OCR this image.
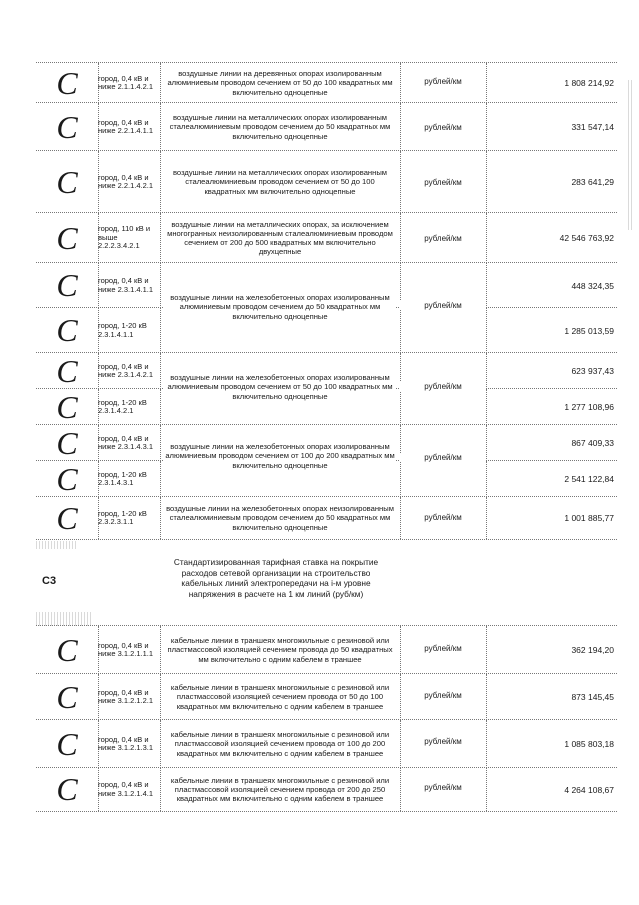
C	город, 0,4 кВ и ниже 2.1.1.4.2.1
воздушные линии на деревянных опорах изолированным алюминиевым проводом сечением от 50 до 100 квадратных мм включительно одноцепные
рублей/км	1 808 214,92
C	город, 0,4 кВ и ниже 2.2.1.4.1.1
воздушные линии на металлических опорах изолированным сталеалюминиевым проводом сечением до 50 квадратных мм включительно одноцепные
рублей/км	331 547,14
C	город, 0,4 кВ и ниже 2.2.1.4.2.1
воздушные линии на металлических опорах изолированным сталеалюминиевым проводом сечением от 50 до 100 квадратных мм включительно одноцепные
рублей/км	283 641,29
C	город, 110 кВ и выше 2.2.2.3.4.2.1
воздушные линии на металлических опорах, за исключением многогранных неизолированным сталеалюминиевым проводом сечением от 200 до 500 квадратных мм включительно двухцепные
рублей/км	42 546 763,92
C	город, 0,4 кВ и ниже 2.3.1.4.1.1	448 324,35
C	город, 1-20 кВ 2.3.1.4.1.1	1 285 013,59
воздушные линии на железобетонных опорах изолированным алюминиевым проводом сечением до 50 квадратных мм включительно одноцепные
рублей/км
C	город, 0,4 кВ и ниже 2.3.1.4.2.1	623 937,43
C	город, 1-20 кВ 2.3.1.4.2.1	1 277 108,96
воздушные линии на железобетонных опорах изолированным алюминиевым проводом сечением от 50 до 100 квадратных мм включительно одноцепные
рублей/км
C	город, 0,4 кВ и ниже 2.3.1.4.3.1	867 409,33
C	город, 1-20 кВ 2.3.1.4.3.1	2 541 122,84
воздушные линии на железобетонных опорах изолированным алюминиевым проводом сечением от 100 до 200 квадратных мм включительно одноцепные
рублей/км
C	город, 1-20 кВ 2.3.2.3.1.1
воздушные линии на железобетонных опорах неизолированным сталеалюминиевым проводом сечением до 50 квадратных мм включительно одноцепные
рублей/км	1 001 885,77
С3
Стандартизированная тарифная ставка на покрытие расходов сетевой организации на строительство кабельных линий электропередачи на i-м уровне напряжения в расчете на 1 км линий (руб/км)
C	город, 0,4 кВ и ниже 3.1.2.1.1.1
кабельные линии в траншеях многожильные с резиновой или пластмассовой изоляцией сечением провода до 50 квадратных мм включительно с одним кабелем в траншее
рублей/км	362 194,20
C	город, 0,4 кВ и ниже 3.1.2.1.2.1
кабельные линии в траншеях многожильные с резиновой или пластмассовой изоляцией сечением провода от 50 до 100 квадратных мм включительно с одним кабелем в траншее
рублей/км	873 145,45
C	город, 0,4 кВ и ниже 3.1.2.1.3.1
кабельные линии в траншеях многожильные с резиновой или пластмассовой изоляцией сечением провода от 100 до 200 квадратных мм включительно с одним кабелем в траншее
рублей/км	1 085 803,18
C	город, 0,4 кВ и ниже 3.1.2.1.4.1
кабельные линии в траншеях многожильные с резиновой или пластмассовой изоляцией сечением провода от 200 до 250 квадратных мм включительно с одним кабелем в траншее
рублей/км	4 264 108,67
